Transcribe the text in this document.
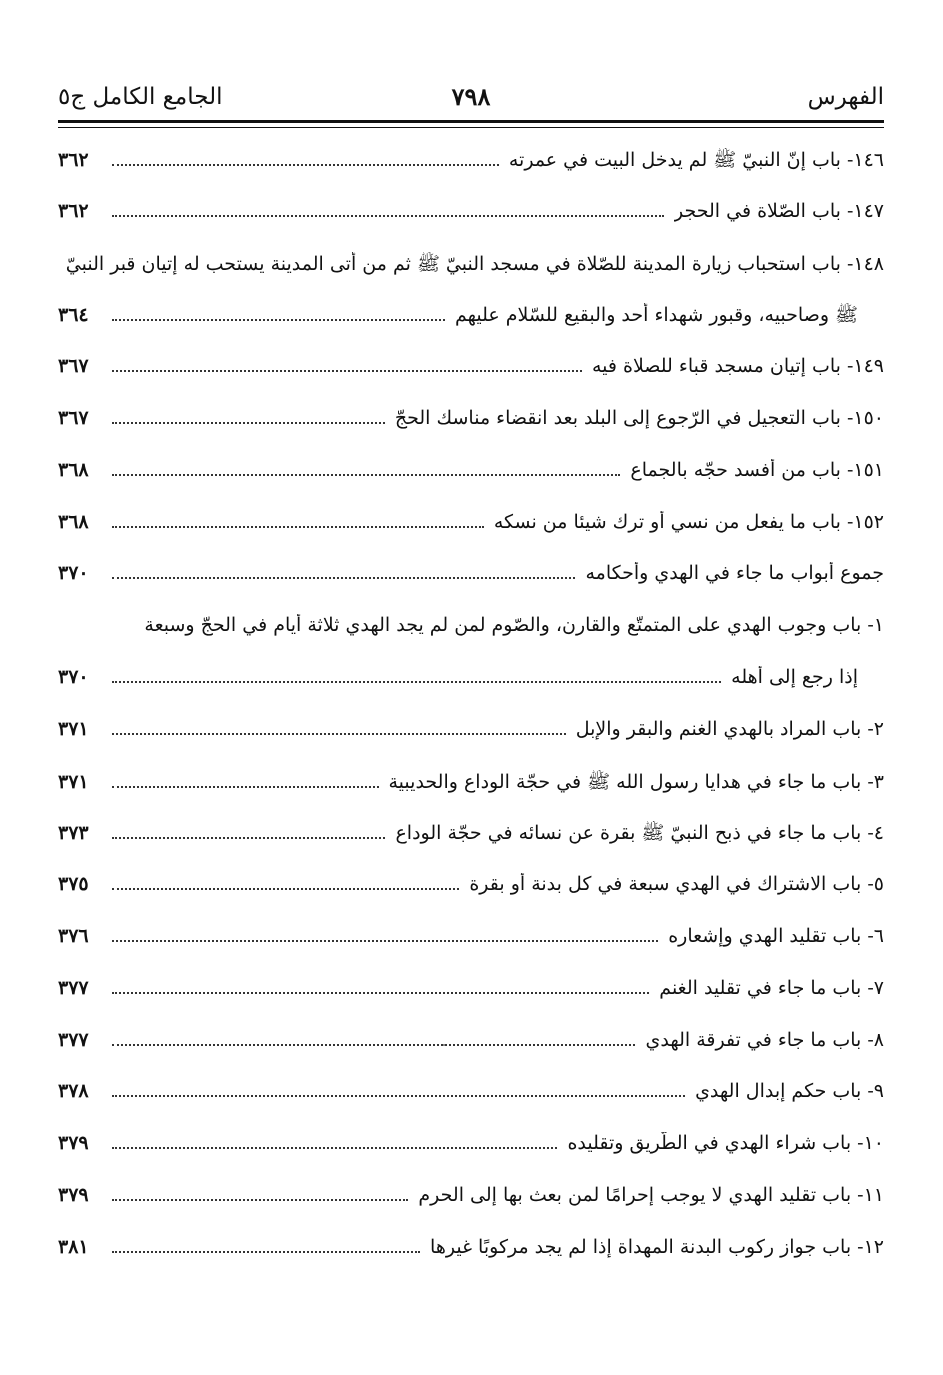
الفهرس
٧٩٨
الجامع الكامل ج٥
١٤٦- باب إنّ النبيّ ﷺ لم يدخل البيت في عمرته
٣٦٢
١٤٧- باب الصّلاة في الحجر
٣٦٢
١٤٨- باب استحباب زيارة المدينة للصّلاة في مسجد النبيّ ﷺ ثم من أتى المدينة يستحب له إتيان قبر النبيّ
ﷺ وصاحبيه، وقبور شهداء أحد والبقيع للسّلام عليهم
٣٦٤
١٤٩- باب إتيان مسجد قباء للصلاة فيه
٣٦٧
١٥٠- باب التعجيل في الرّجوع إلى البلد بعد انقضاء مناسك الحجّ
٣٦٧
١٥١- باب من أفسد حجّه بالجماع
٣٦٨
١٥٢- باب ما يفعل من نسي أو ترك شيئا من نسكه
٣٦٨
جموع أبواب ما جاء في الهدي وأحكامه
٣٧٠
١- باب وجوب الهدي على المتمتّع والقارن، والصّوم لمن لم يجد الهدي ثلاثة أيام في الحجّ وسبعة
إذا رجع إلى أهله
٣٧٠
٢- باب المراد بالهدي الغنم والبقر والإبل
٣٧١
٣- باب ما جاء في هدايا رسول الله ﷺ في حجّة الوداع والحديبية
٣٧١
٤- باب ما جاء في ذبح النبيّ ﷺ بقرة عن نسائه في حجّة الوداع
٣٧٣
٥- باب الاشتراك في الهدي سبعة في كل بدنة أو بقرة
٣٧٥
٦- باب تقليد الهدي وإشعاره
٣٧٦
٧- باب ما جاء في تقليد الغنم
٣٧٧
٨- باب ما جاء في تفرقة الهدي
٣٧٧
٩- باب حكم إبدال الهدي
٣٧٨
١٠- باب شراء الهدي في الطّريق وتقليده
٣٧٩
١١- باب تقليد الهدي لا يوجب إحرامًا لمن بعث بها إلى الحرم
٣٧٩
١٢- باب جواز ركوب البدنة المهداة إذا لم يجد مركوبًا غيرها
٣٨١
